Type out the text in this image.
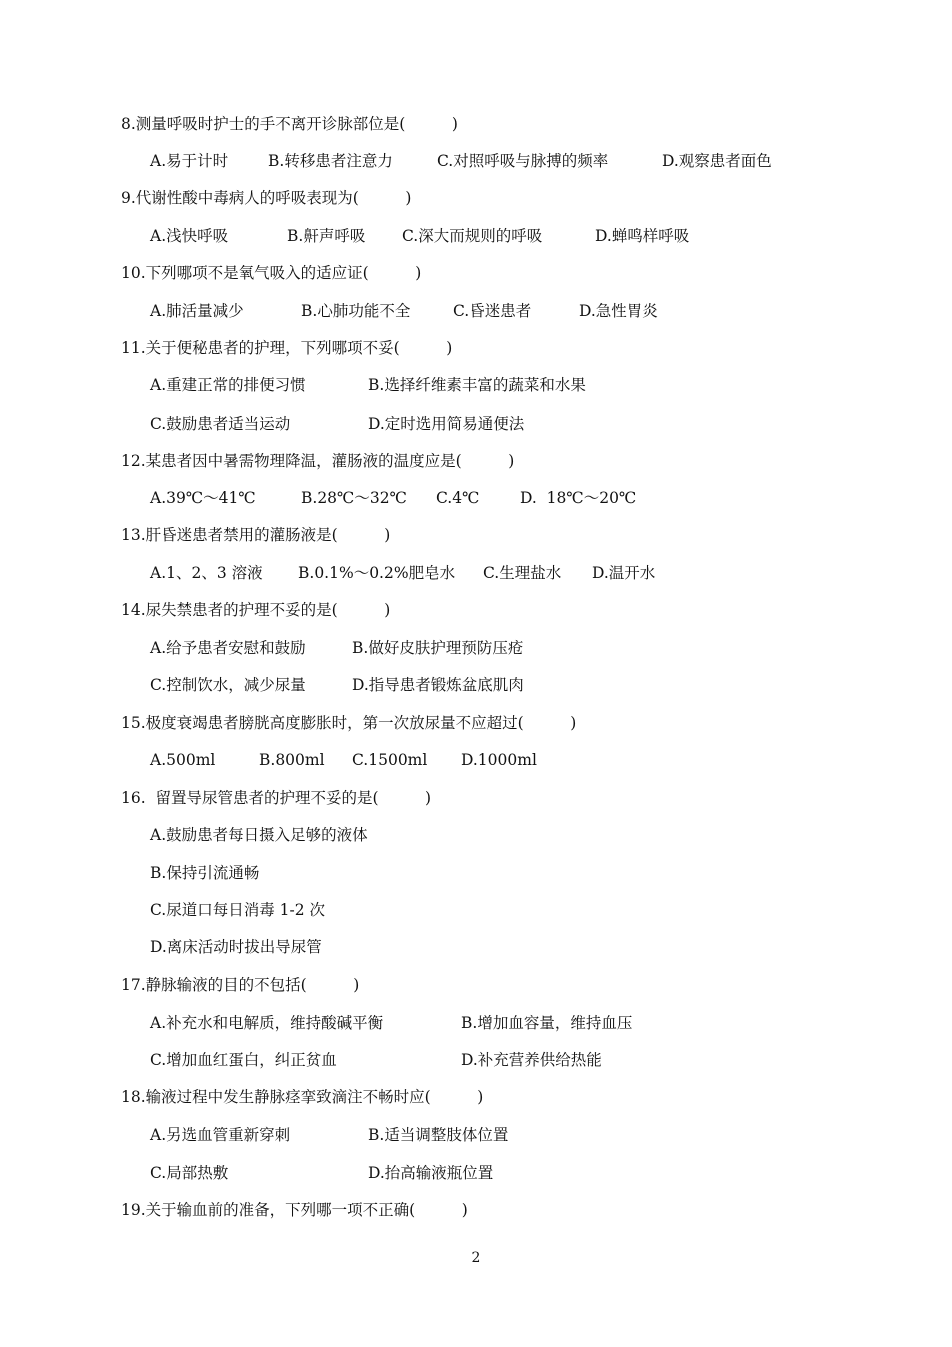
8.测量呼吸时护士的手不离开诊脉部位是(　　　)
A.易于计时	B.转移患者注意力	C.对照呼吸与脉搏的频率	D.观察患者面色
9.代谢性酸中毒病人的呼吸表现为(　　　)
A.浅快呼吸	B.鼾声呼吸 C.深大而规则的呼吸	D.蝉鸣样呼吸
10.下列哪项不是氧气吸入的适应证(　　　)
A.肺活量减少	B.心肺功能不全	C.昏迷患者	D.急性胃炎
11.关于便秘患者的护理，下列哪项不妥(　　　)
A.重建正常的排便习惯	B.选择纤维素丰富的蔬菜和水果
C.鼓励患者适当运动	D.定时选用简易通便法
12.某患者因中暑需物理降温，灌肠液的温度应是(　　　)
A.39℃～41℃	B.28℃～32℃ C.4℃	D.  18℃～20℃
13.肝昏迷患者禁用的灌肠液是(　　　)
A.1、2、3 溶液 B.0.1%～0.2%肥皂水 C.生理盐水 D.温开水
14.尿失禁患者的护理不妥的是(　　　)
A.给予患者安慰和鼓励	B.做好皮肤护理预防压疮
C.控制饮水，减少尿量	D.指导患者锻炼盆底肌肉
15.极度衰竭患者膀胱高度膨胀时，第一次放尿量不应超过(　　　)
A.500ml	B.800ml C.1500ml D.1000ml
16.  留置导尿管患者的护理不妥的是(　　　)
A.鼓励患者每日摄入足够的液体
B.保持引流通畅
C.尿道口每日消毒 1-2 次
D.离床活动时拔出导尿管
17.静脉输液的目的不包括(　　　)
A.补充水和电解质，维持酸碱平衡	B.增加血容量，维持血压
C.增加血红蛋白，纠正贫血	D.补充营养供给热能
18.输液过程中发生静脉痉挛致滴注不畅时应(　　　)
A.另选血管重新穿刺	B.适当调整肢体位置
C.局部热敷	D.抬高输液瓶位置
19.关于输血前的准备，下列哪一项不正确(　　　)
2
